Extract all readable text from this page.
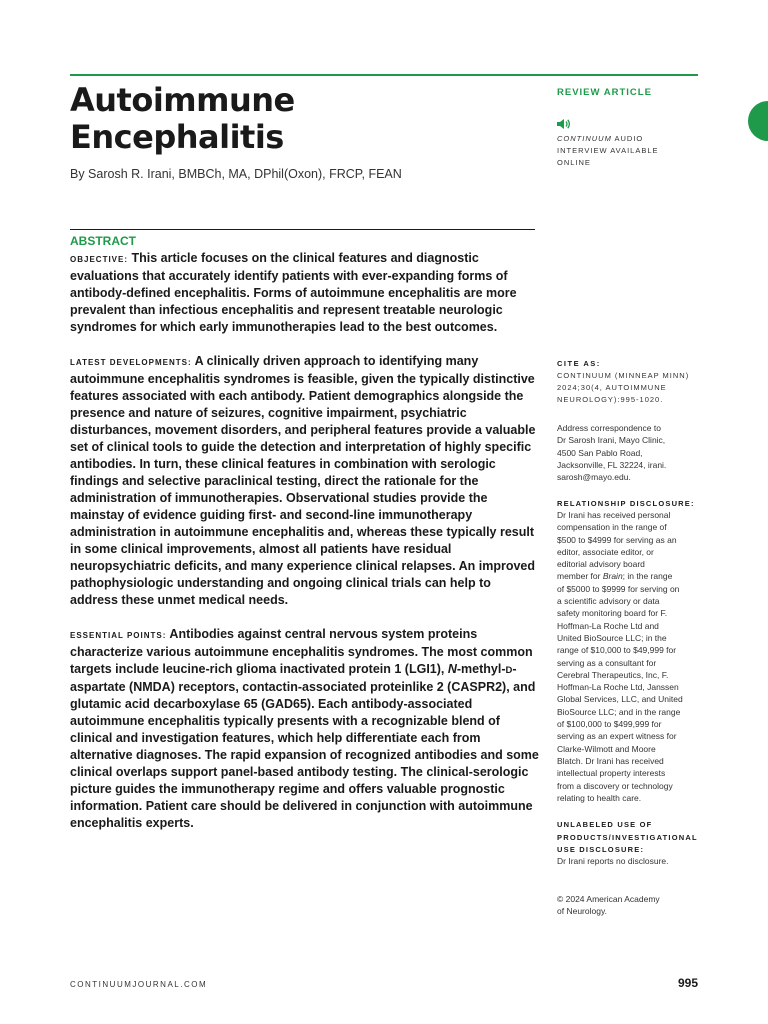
Autoimmune
Encephalitis
By Sarosh R. Irani, BMBCh, MA, DPhil(Oxon), FRCP, FEAN
REVIEW ARTICLE
CONTINUUM AUDIO
INTERVIEW AVAILABLE
ONLINE
ABSTRACT

OBJECTIVE: This article focuses on the clinical features and diagnostic evaluations that accurately identify patients with ever-expanding forms of antibody-defined encephalitis. Forms of autoimmune encephalitis are more prevalent than infectious encephalitis and represent treatable neurologic syndromes for which early immunotherapies lead to the best outcomes.

LATEST DEVELOPMENTS: A clinically driven approach to identifying many autoimmune encephalitis syndromes is feasible, given the typically distinctive features associated with each antibody. Patient demographics alongside the presence and nature of seizures, cognitive impairment, psychiatric disturbances, movement disorders, and peripheral features provide a valuable set of clinical tools to guide the detection and interpretation of highly specific antibodies. In turn, these clinical features in combination with serologic findings and selective paraclinical testing, direct the rationale for the administration of immunotherapies. Observational studies provide the mainstay of evidence guiding first- and second-line immunotherapy administration in autoimmune encephalitis and, whereas these typically result in some clinical improvements, almost all patients have residual neuropsychiatric deficits, and many experience clinical relapses. An improved pathophysiologic understanding and ongoing clinical trials can help to address these unmet medical needs.

ESSENTIAL POINTS: Antibodies against central nervous system proteins characterize various autoimmune encephalitis syndromes. The most common targets include leucine-rich glioma inactivated protein 1 (LGI1), N-methyl-D-aspartate (NMDA) receptors, contactin-associated proteinlike 2 (CASPR2), and glutamic acid decarboxylase 65 (GAD65). Each antibody-associated autoimmune encephalitis typically presents with a recognizable blend of clinical and investigation features, which help differentiate each from alternative diagnoses. The rapid expansion of recognized antibodies and some clinical overlaps support panel-based antibody testing. The clinical-serologic picture guides the immunotherapy regime and offers valuable prognostic information. Patient care should be delivered in conjunction with autoimmune encephalitis experts.

CITE AS:
CONTINUUM (MINNEAP MINN)
2024;30(4, AUTOIMMUNE
NEUROLOGY):995-1020.
Address correspondence to
Dr Sarosh Irani, Mayo Clinic,
4500 San Pablo Road,
Jacksonville, FL 32224, irani.
sarosh@mayo.edu.
RELATIONSHIP DISCLOSURE:
Dr Irani has received personal
compensation in the range of
$500 to $4999 for serving as an
editor, associate editor, or
editorial advisory board
member for Brain; in the range
of $5000 to $9999 for serving on
a scientific advisory or data
safety monitoring board for F.
Hoffman-La Roche Ltd and
United BioSource LLC; in the
range of $10,000 to $49,999 for
serving as a consultant for
Cerebral Therapeutics, Inc, F.
Hoffman-La Roche Ltd, Janssen
Global Services, LLC, and United
BioSource LLC; and in the range
of $100,000 to $499,999 for
serving as an expert witness for
Clarke-Wilmott and Moore
Blatch. Dr Irani has received
intellectual property interests
from a discovery or technology
relating to health care.
UNLABELED USE OF
PRODUCTS/INVESTIGATIONAL
USE DISCLOSURE:
Dr Irani reports no disclosure.
© 2024 American Academy
of Neurology.
CONTINUUMJOURNAL.COM	995
